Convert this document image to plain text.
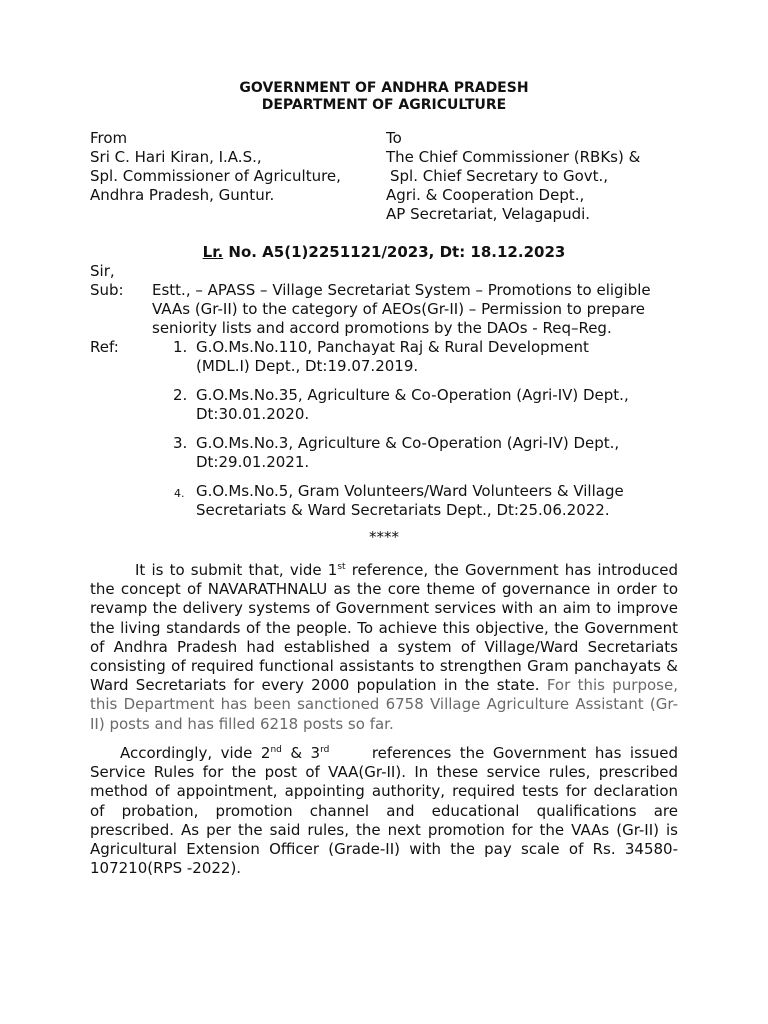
GOVERNMENT OF ANDHRA PRADESH
DEPARTMENT OF AGRICULTURE
From
Sri C. Hari Kiran, I.A.S.,
Spl. Commissioner of Agriculture,
Andhra Pradesh, Guntur.
To
The Chief Commissioner (RBKs) &
Spl. Chief Secretary to Govt.,
Agri. & Cooperation Dept.,
AP Secretariat, Velagapudi.
Lr. No. A5(1)2251121/2023, Dt: 18.12.2023
Sir,
Sub: Estt., – APASS – Village Secretariat System – Promotions to eligible
VAAs (Gr-II) to the category of AEOs(Gr-II) – Permission to prepare
seniority lists and accord promotions by the DAOs - Req–Reg.
Ref:	1. G.O.Ms.No.110, Panchayat Raj & Rural Development
(MDL.I) Dept., Dt:19.07.2019.
2. G.O.Ms.No.35, Agriculture & Co-Operation (Agri-IV) Dept.,
Dt:30.01.2020.
3. G.O.Ms.No.3, Agriculture & Co-Operation (Agri-IV) Dept.,
Dt:29.01.2021.
4. G.O.Ms.No.5, Gram Volunteers/Ward Volunteers & Village
Secretariats & Ward Secretariats Dept., Dt:25.06.2022.
****
It is to submit that, vide 1st reference, the Government has introduced the concept of NAVARATHNALU as the core theme of governance in order to revamp the delivery systems of Government services with an aim to improve the living standards of the people. To achieve this objective, the Government of Andhra Pradesh had established a system of Village/Ward Secretariats consisting of required functional assistants to strengthen Gram panchayats & Ward Secretariats for every 2000 population in the state. For this purpose, this Department has been sanctioned 6758 Village Agriculture Assistant (Gr-II) posts and has filled 6218 posts so far.
Accordingly, vide 2nd & 3rd     references the Government has issued Service Rules for the post of VAA(Gr-II). In these service rules, prescribed method of appointment, appointing authority, required tests for declaration of probation, promotion channel and educational qualifications are prescribed. As per the said rules, the next promotion for the VAAs (Gr-II) is Agricultural Extension Officer (Grade-II) with the pay scale of Rs. 34580-107210(RPS -2022).
